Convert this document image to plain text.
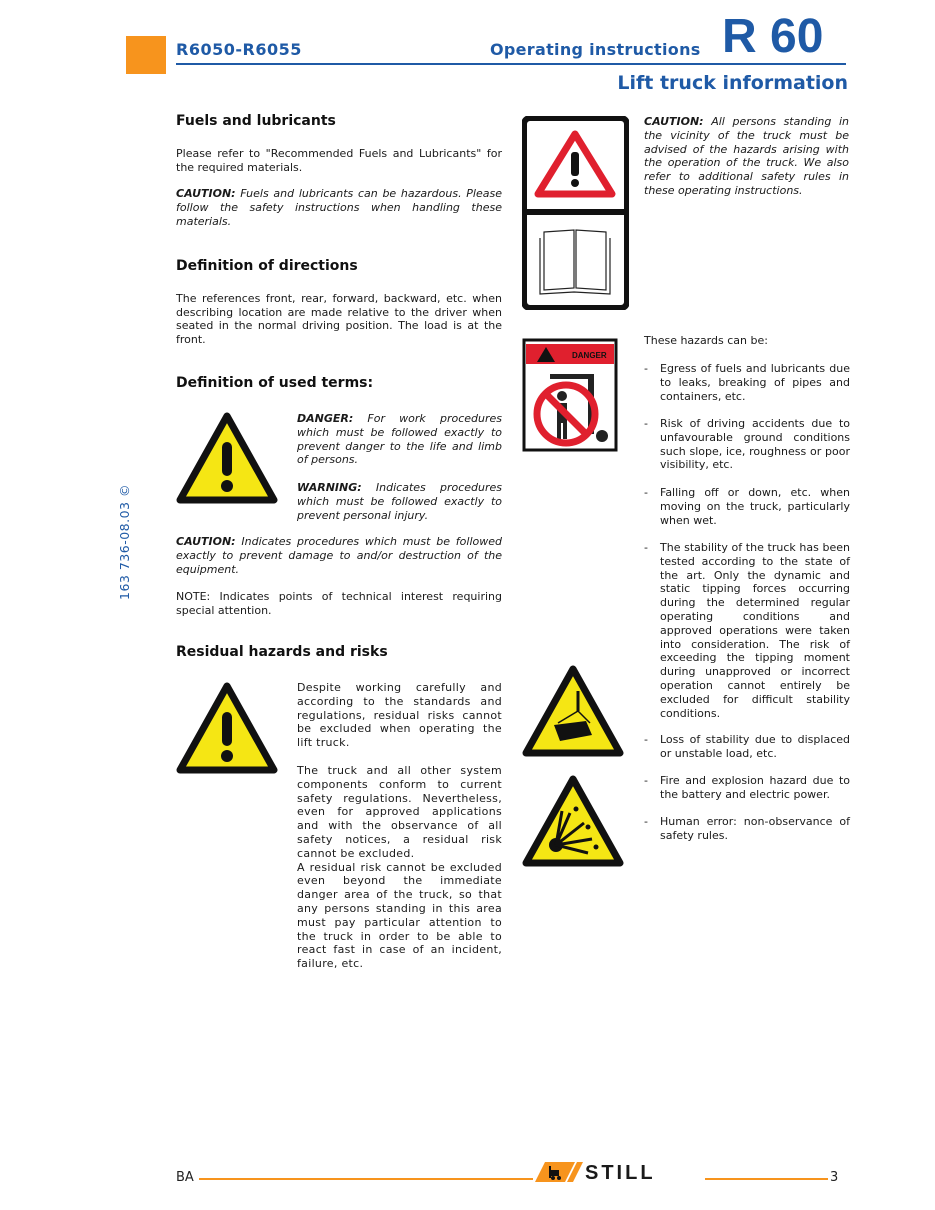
R6050-R6055	Operating instructions R 60
Lift truck information
163 736-08.03 ©
Fuels and lubricants

Please refer to "Recommended Fuels and Lubricants" for the required materials.

CAUTION: Fuels and lubricants can be hazardous. Please follow the safety instructions when handling these materials.

Definition of directions

The references front, rear, forward, backward, etc. when describing location are made relative to the driver when seated in the normal driving position. The load is at the front.

Definition of used terms:

DANGER: For work procedures which must be followed exactly to prevent danger to the life and limb of persons.

WARNING: Indicates procedures which must be followed exactly to prevent personal injury.

CAUTION: Indicates procedures which must be followed exactly to prevent damage to and/or destruction of the equipment.

NOTE: Indicates points of technical interest requiring special attention.

Residual hazards and risks

Despite working carefully and according to the standards and regulations, residual risks cannot be excluded when operating the lift truck.

The truck and all other system components conform to current safety regulations. Nevertheless, even for approved applications and with the observance of all safety notices, a residual risk cannot be excluded.

A residual risk cannot be excluded even beyond the immediate danger area of the truck, so that any persons standing in this area must pay particular attention to the truck in order to be able to react fast in case of an incident, failure, etc.

DANGER

CAUTION: All persons standing in the vicinity of the truck must be advised of the hazards arising with the operation of the truck. We also refer to additional safety rules in these operating instructions.

These hazards can be:
- Egress of fuels and lubricants due to leaks, breaking of pipes and containers, etc.

- Risk of driving accidents due to unfavourable ground conditions such slope, ice, roughness or poor visibility, etc.

- Falling off or down, etc. when moving on the truck, particularly when wet.

- The stability of the truck has been tested according to the state of the art. Only the dynamic and static tipping forces occurring during the determined regular operating conditions and approved operations were taken into consideration. The risk of exceeding the tipping moment during unapproved or incorrect operation cannot entirely be excluded for difficult stability conditions.

- Loss of stability due to displaced or unstable load, etc.

- Fire and explosion hazard due to the battery and electric power.

- Human error: non-observance of safety rules.

BA	STILL	3
